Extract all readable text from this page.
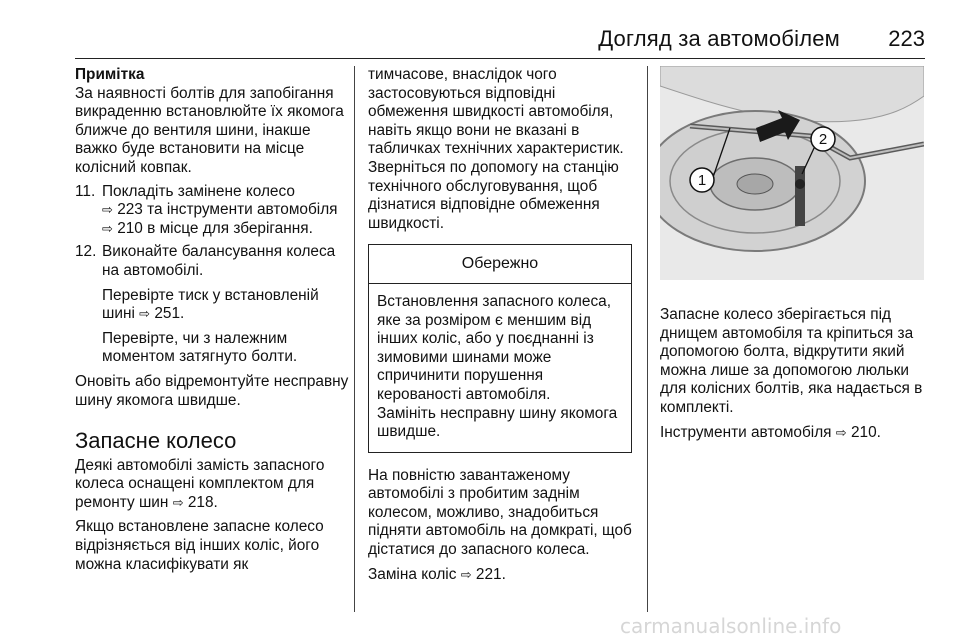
Догляд за автомобілем 223

Примітка

За наявності болтів для запобігання викраденню встановлюйте їх якомога ближче до вентиля шини, інакше важко буде встановити на місце колісний ковпак.

11. Покладіть замінене колесо
⇨ 223 та інструменти автомобіля ⇨ 210 в місце для зберігання.
12. Виконайте балансування колеса на автомобілі.

Перевірте тиск у встановленій шині ⇨ 251.

Перевірте, чи з належним моментом затягнуто болти.

Оновіть або відремонтуйте несправну шину якомога швидше.

Запасне колесо

Деякі автомобілі замість запасного колеса оснащені комплектом для ремонту шин ⇨ 218.

Якщо встановлене запасне колесо відрізняється від інших коліс, його можна класифікувати як

тимчасове, внаслідок чого застосовуються відповідні обмеження швидкості автомобіля, навіть якщо вони не вказані в табличках технічних характеристик. Зверніться по допомогу на станцію технічного обслуговування, щоб дізнатися відповідне обмеження швидкості.

Обережно

Встановлення запасного колеса, яке за розміром є меншим від інших коліс, або у поєднанні із зимовими шинами може спричинити порушення керованості автомобіля.

Замініть несправну шину якомога швидше.

На повністю завантаженому автомобілі з пробитим заднім колесом, можливо, знадобиться підняти автомобіль на домкраті, щоб дістатися до запасного колеса.

Заміна коліс ⇨ 221.

1
2

Запасне колесо зберігається під днищем автомобіля та кріпиться за допомогою болта, відкрутити який можна лише за допомогою люльки для колісних болтів, яка надається в комплекті.

Інструменти автомобіля ⇨ 210.

carmanualsonline.info
